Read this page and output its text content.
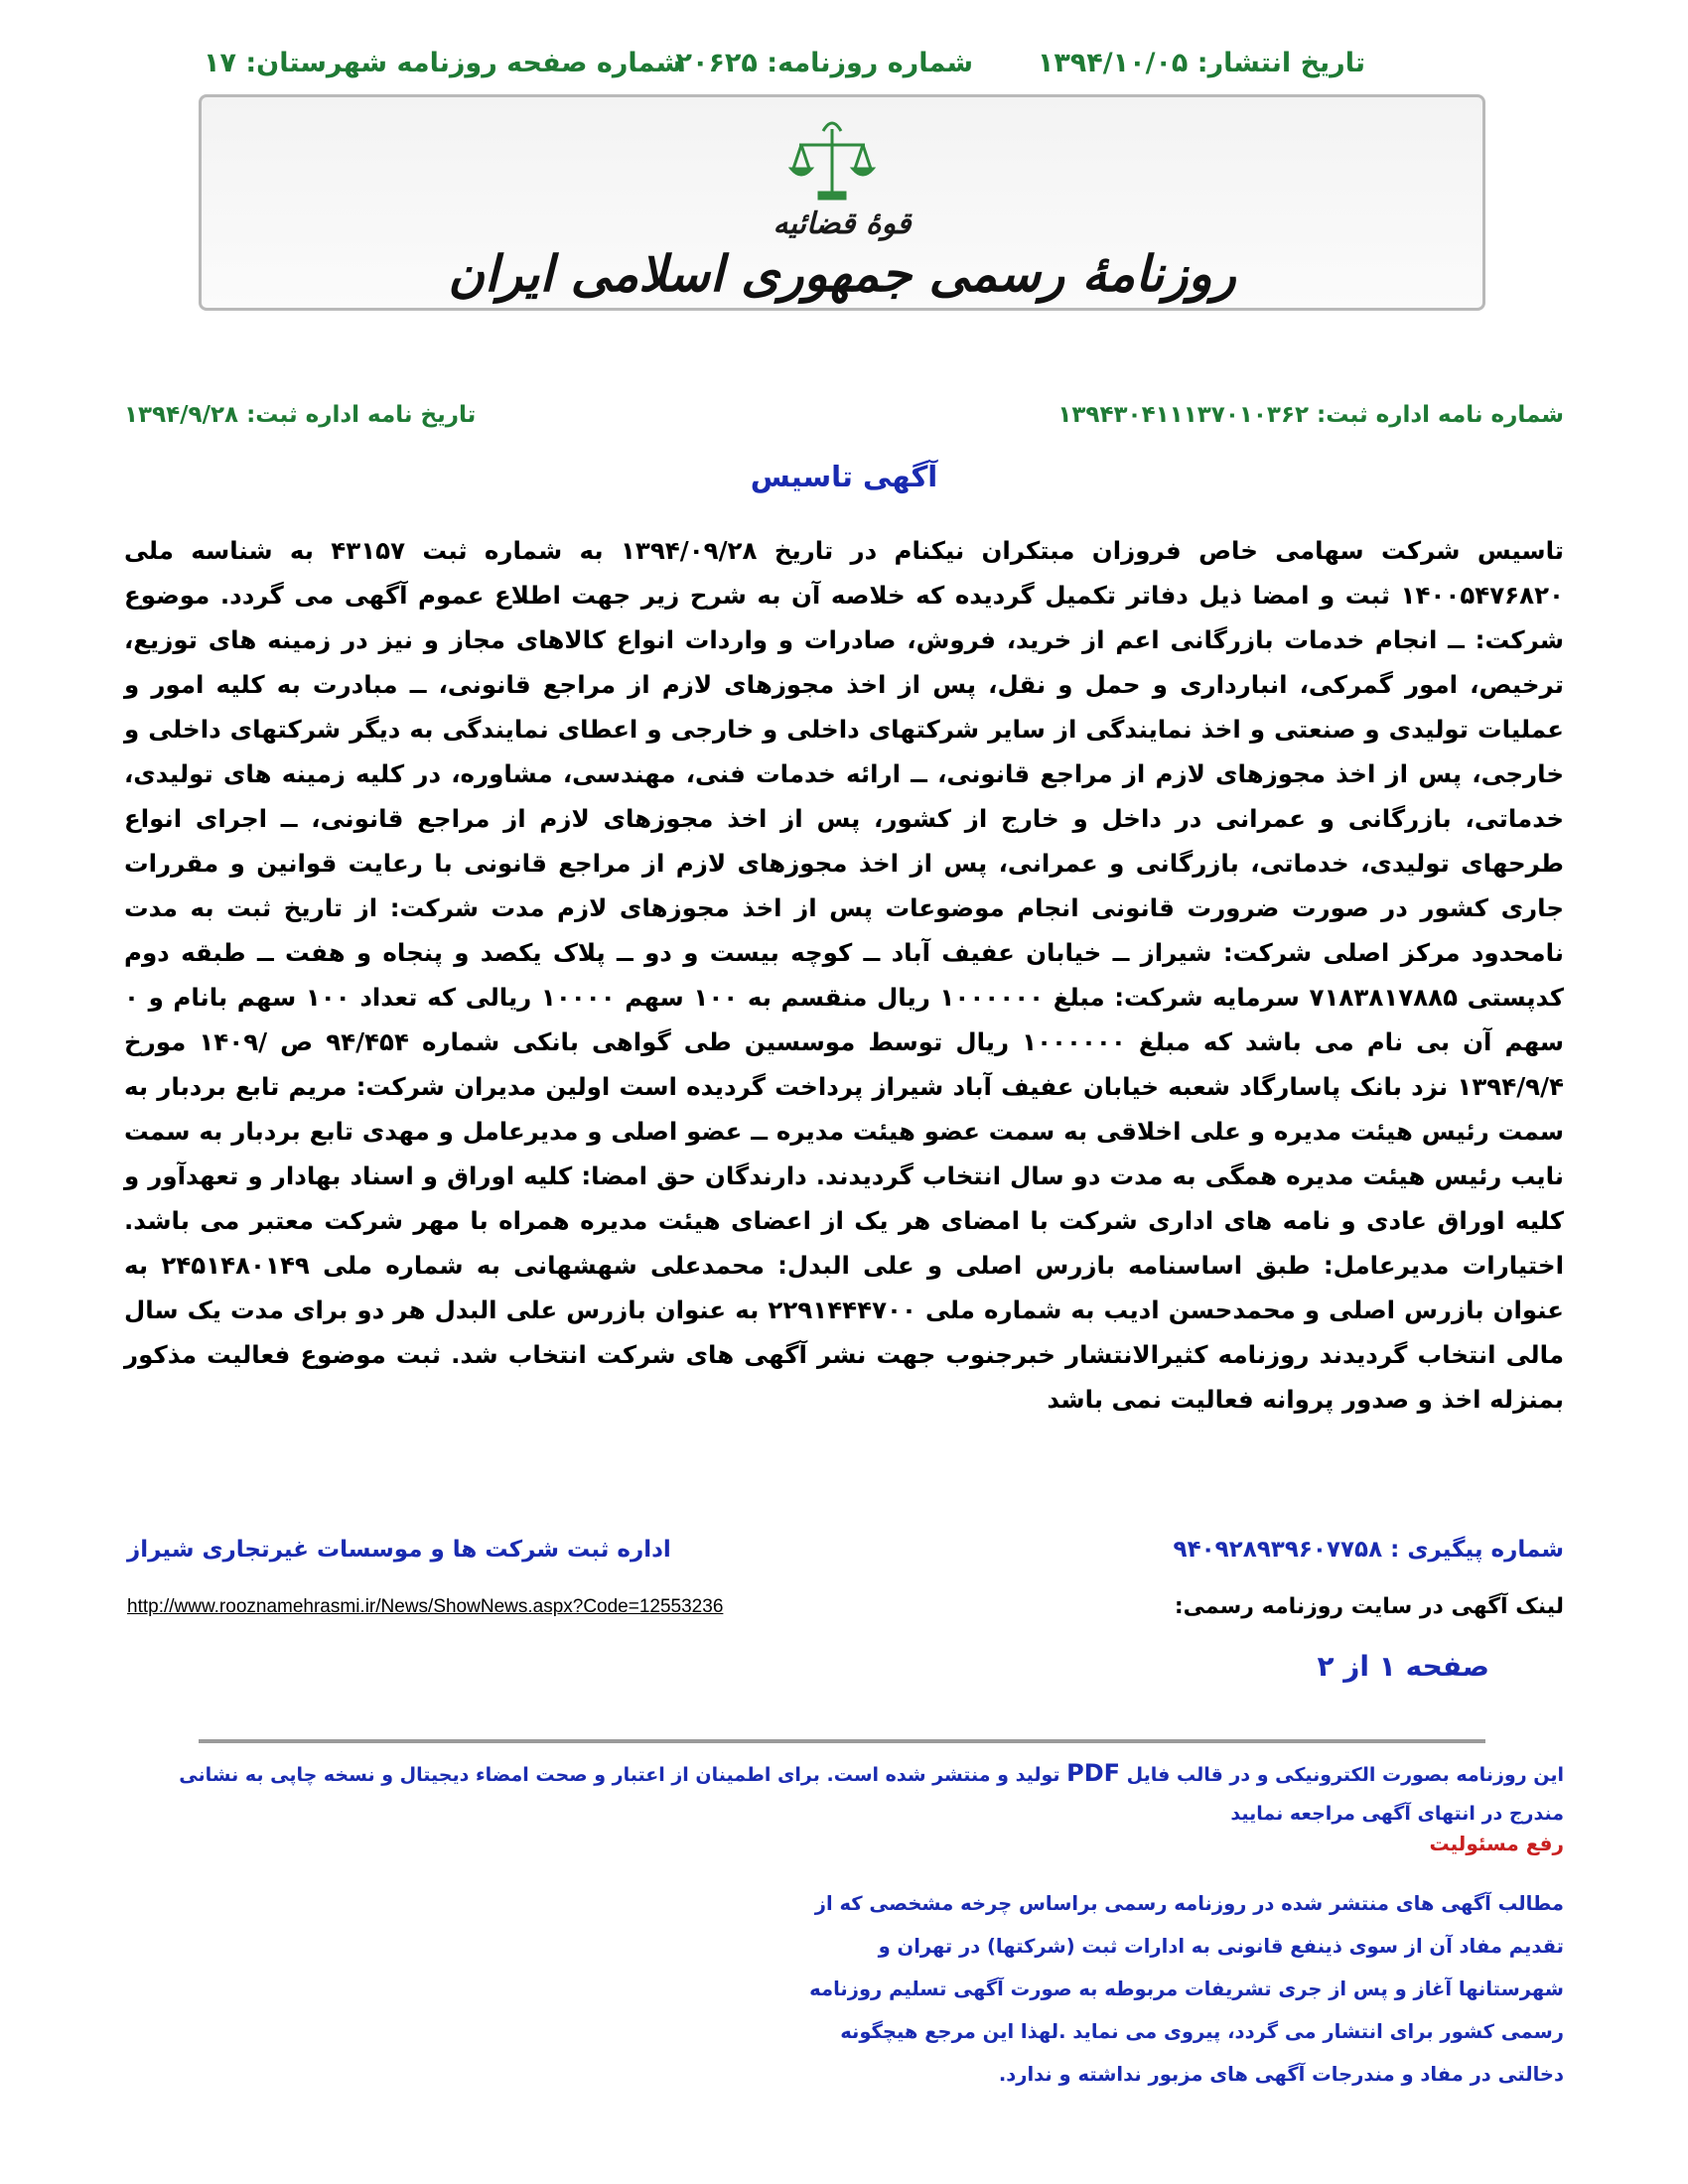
تاریخ انتشار: ۱۳۹۴/۱۰/۰۵
شماره روزنامه: ۲۰۶۲۵
شماره صفحه روزنامه شهرستان: ۱۷
قوهٔ قضائیه
روزنامهٔ رسمی جمهوری اسلامی ایران
شماره نامه اداره ثبت: ۱۳۹۴۳۰۴۱۱۱۳۷۰۱۰۳۶۲
تاریخ نامه اداره ثبت: ۱۳۹۴/۹/۲۸
آگهی تاسیس
تاسیس شرکت سهامی خاص فروزان مبتکران نیکنام در تاریخ ۱۳۹۴/۰۹/۲۸ به شماره ثبت ۴۳۱۵۷ به شناسه ملی ۱۴۰۰۵۴۷۶۸۲۰ ثبت و امضا ذیل دفاتر تکمیل گردیده که خلاصه آن به شرح زیر جهت اطلاع عموم آگهی می گردد. موضوع شرکت: ــ انجام خدمات بازرگانی اعم از خرید، فروش، صادرات و واردات انواع کالاهای مجاز و نیز در زمینه های توزیع، ترخیص، امور گمرکی، انبارداری و حمل و نقل، پس از اخذ مجوزهای لازم از مراجع قانونی، ــ مبادرت به کلیه امور و عملیات تولیدی و صنعتی و اخذ نمایندگی از سایر شرکتهای داخلی و خارجی و اعطای نمایندگی به دیگر شرکتهای داخلی و خارجی، پس از اخذ مجوزهای لازم از مراجع قانونی، ــ ارائه خدمات فنی، مهندسی، مشاوره، در کلیه زمینه های تولیدی، خدماتی، بازرگانی و عمرانی در داخل و خارج از کشور، پس از اخذ مجوزهای لازم از مراجع قانونی، ــ اجرای انواع طرحهای تولیدی، خدماتی، بازرگانی و عمرانی، پس از اخذ مجوزهای لازم از مراجع قانونی با رعایت قوانین و مقررات جاری کشور در صورت ضرورت قانونی انجام موضوعات پس از اخذ مجوزهای لازم مدت شرکت: از تاریخ ثبت به مدت نامحدود مرکز اصلی شرکت: شیراز ــ خیابان عفیف آباد ــ کوچه بیست و دو ــ پلاک یکصد و پنجاه و هفت ــ طبقه دوم کدپستی ۷۱۸۳۸۱۷۸۸۵ سرمایه شرکت: مبلغ ۱۰۰۰۰۰۰ ریال منقسم به ۱۰۰ سهم ۱۰۰۰۰ ریالی که تعداد ۱۰۰ سهم بانام و ۰ سهم آن بی نام می باشد که مبلغ ۱۰۰۰۰۰۰ ریال توسط موسسین طی گواهی بانکی شماره ۹۴/۴۵۴ ص /۱۴۰۹ مورخ ۱۳۹۴/۹/۴ نزد بانک پاسارگاد شعبه خیابان عفیف آباد شیراز پرداخت گردیده است اولین مدیران شرکت: مریم تابع بردبار به سمت رئیس هیئت مدیره و علی اخلاقی به سمت عضو هیئت مدیره ــ عضو اصلی و مدیرعامل و مهدی تابع بردبار به سمت نایب رئیس هیئت مدیره همگی به مدت دو سال انتخاب گردیدند. دارندگان حق امضا: کلیه اوراق و اسناد بهادار و تعهدآور و کلیه اوراق عادی و نامه های اداری شرکت با امضای هر یک از اعضای هیئت مدیره همراه با مهر شرکت معتبر می باشد. اختیارات مدیرعامل: طبق اساسنامه بازرس اصلی و علی البدل: محمدعلی شهشهانی به شماره ملی ۲۴۵۱۴۸۰۱۴۹ به عنوان بازرس اصلی و محمدحسن ادیب به شماره ملی ۲۲۹۱۴۴۴۷۰۰ به عنوان بازرس علی البدل هر دو برای مدت یک سال مالی انتخاب گردیدند روزنامه کثیرالانتشار خبرجنوب جهت نشر آگهی های شرکت انتخاب شد. ثبت موضوع فعالیت مذکور بمنزله اخذ و صدور پروانه فعالیت نمی باشد
شماره پیگیری : ۹۴۰۹۲۸۹۳۹۶۰۷۷۵۸
اداره ثبت شرکت ها و موسسات غیرتجاری شیراز
لینک آگهی در سایت روزنامه رسمی:
http://www.rooznamehrasmi.ir/News/ShowNews.aspx?Code=12553236
صفحه ۱ از ۲
این روزنامه بصورت الکترونیکی و در قالب فایل PDF تولید و منتشر شده است. برای اطمینان از اعتبار و صحت امضاء دیجیتال و نسخه چاپی به نشانی مندرج در انتهای آگهی مراجعه نمایید
رفع مسئولیت
مطالب آگهی های منتشر شده در روزنامه رسمی براساس چرخه مشخصی که از تقدیم مفاد آن از سوی ذینفع قانونی به ادارات ثبت (شرکتها) در تهران و شهرستانها آغاز و پس از جری تشریفات مربوطه به صورت آگهی تسلیم روزنامه رسمی کشور برای انتشار می گردد، پیروی می نماید .لهذا این مرجع هیچگونه دخالتی در مفاد و مندرجات آگهی های مزبور نداشته و ندارد.
